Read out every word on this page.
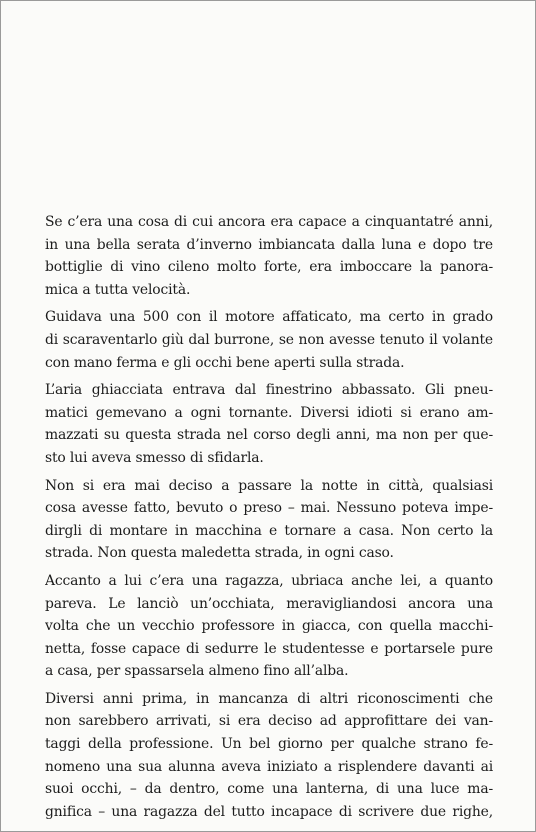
Se c’era una cosa di cui ancora era capace a cinquantatré anni,
in una bella serata d’inverno imbiancata dalla luna e dopo tre
bottiglie di vino cileno molto forte, era imboccare la panora-
mica a tutta velocità.

Guidava una 500 con il motore affaticato, ma certo in grado
di scaraventarlo giù dal burrone, se non avesse tenuto il volante
con mano ferma e gli occhi bene aperti sulla strada.

L’aria ghiacciata entrava dal finestrino abbassato. Gli pneu-
matici gemevano a ogni tornante. Diversi idioti si erano am-
mazzati su questa strada nel corso degli anni, ma non per que-
sto lui aveva smesso di sfidarla.

Non si era mai deciso a passare la notte in città, qualsiasi
cosa avesse fatto, bevuto o preso – mai. Nessuno poteva impe-
dirgli di montare in macchina e tornare a casa. Non certo la
strada. Non questa maledetta strada, in ogni caso.

Accanto a lui c’era una ragazza, ubriaca anche lei, a quanto
pareva. Le lanciò un’occhiata, meravigliandosi ancora una
volta che un vecchio professore in giacca, con quella macchi-
netta, fosse capace di sedurre le studentesse e portarsele pure
a casa, per spassarsela almeno fino all’alba.

Diversi anni prima, in mancanza di altri riconoscimenti che
non sarebbero arrivati, si era deciso ad approfittare dei van-
taggi della professione. Un bel giorno per qualche strano fe-
nomeno una sua alunna aveva iniziato a risplendere davanti ai
suoi occhi, – da dentro, come una lanterna, di una luce ma-
gnifica – una ragazza del tutto incapace di scrivere due righe,
